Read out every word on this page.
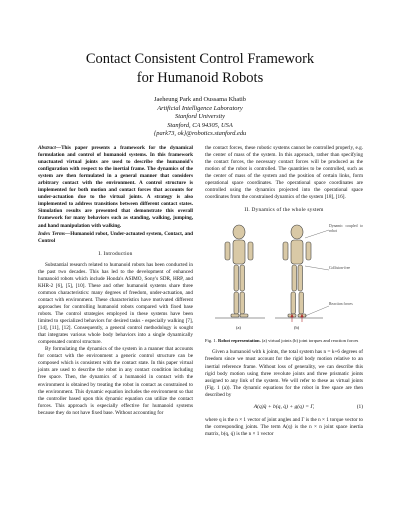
Contact Consistent Control Framework
for Humanoid Robots
Jaeheung Park and Oussama Khatib
Artificial Intelligence Laboratory
Stanford University
Stanford, CA 94305, USA
{park73, ok}@robotics.stanford.edu
Abstract—This paper presents a framework for the dynamical formulation and control of humanoid systems. In this framework unactuated virtual joints are used to describe the humanoid's configuration with respect to the inertial frame. The dynamics of the system are then formulated in a general manner that considers arbitrary contact with the environment. A control structure is implemented for both motion and contact forces that accounts for under-actuation due to the virtual joints. A strategy is also implemented to address transitions between different contact states. Simulation results are presented that demonstrate this overall framework for many behaviors such as standing, walking, jumping, and hand manipulation with walking.
Index Terms—Humanoid robot, Under-actuated system, Contact, and Control
I. Introduction

Substantial research related to humanoid robots has been conducted in the past two decades. This has led to the development of enhanced humanoid robots which include Honda's ASIMO, Sony's SDR, HRP, and KHR-2 [6], [5], [10]. These and other humanoid systems share three common characteristics: many degrees of freedom, under-actuation, and contact with environment. These characteristics have motivated different approaches for controlling humanoid robots compared with fixed base robots. The control strategies employed in these systems have been limited to specialized behaviors for desired tasks - especially walking [7], [14], [11], [12]. Consequently, a general control methodology is sought that integrates various whole body behaviors into a single dynamically compensated control structure.

By formulating the dynamics of the system in a manner that accounts for contact with the environment a generic control structure can be composed which is consistent with the contact state. In this paper virtual joints are used to describe the robot in any contact condition including free space. Then, the dynamics of a humanoid in contact with the environment is obtained by treating the robot in contact as constrained to the environment. This dynamic equation includes the environment so that the controller based upon this dynamic equation can utilize the contact forces. This approach is especially effective for humanoid systems because they do not have fixed base. Without accounting for

the contact forces, these robotic systems cannot be controlled properly, e.g. the center of mass of the system. In this approach, rather than specifying the contact forces, the necessary contact forces will be produced as the motion of the robot is controlled. The quantities to be controlled, such as the center of mass of the system and the position of certain links, form operational space coordinates. The operational space coordinates are controlled using the dynamics projected into the operational space coordinates from the constrained dynamics of the system [18], [16].

II. Dynamics of the whole system
Dynamic coupled to robot
Collision-free
Reaction forces
(a)	(b)
Fig. 1. Robot representation. (a) virtual joints (b) joint torques and reaction forces

Given a humanoid with k joints, the total system has n = k+6 degrees of freedom since we must account for the rigid body motion relative to an inertial reference frame. Without loss of generality, we can describe this rigid body motion using three revolute joints and three prismatic joints assigned to any link of the system. We will refer to these as virtual joints (Fig. 1 (a)). The dynamic equations for the robot in free space are then described by

A(q)q̈ + b(q, q̇) + g(q) = Γ,	(1)

where q is the n × 1 vector of joint angles and Γ is the n × 1 torque vector to the corresponding joints. The term A(q) is the n × n joint space inertia matrix, b(q, q̇) is the n × 1 vector
